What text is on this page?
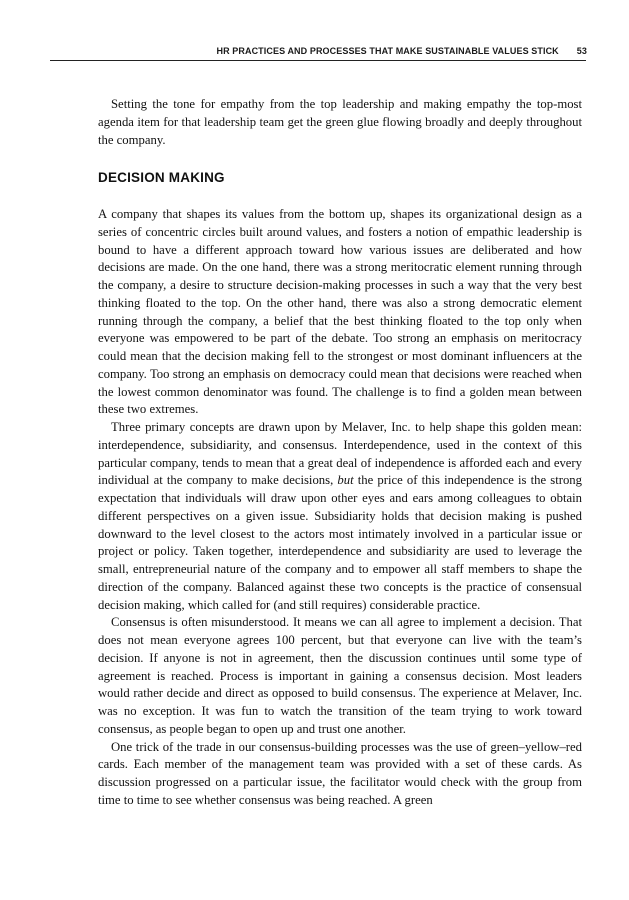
HR PRACTICES AND PROCESSES THAT MAKE SUSTAINABLE VALUES STICK 53

Setting the tone for empathy from the top leadership and making empathy the top-most agenda item for that leadership team get the green glue flowing broadly and deeply throughout the company.

DECISION MAKING

A company that shapes its values from the bottom up, shapes its organizational design as a series of concentric circles built around values, and fosters a notion of empathic leadership is bound to have a different approach toward how various issues are deliberated and how decisions are made. On the one hand, there was a strong meritocratic element running through the company, a desire to structure decision-making processes in such a way that the very best thinking floated to the top. On the other hand, there was also a strong democratic element running through the company, a belief that the best thinking floated to the top only when everyone was empowered to be part of the debate. Too strong an emphasis on meritocracy could mean that the decision making fell to the strongest or most dominant influencers at the company. Too strong an emphasis on democracy could mean that decisions were reached when the lowest common denominator was found. The challenge is to find a golden mean between these two extremes.

Three primary concepts are drawn upon by Melaver, Inc. to help shape this golden mean: interdependence, subsidiarity, and consensus. Interdependence, used in the context of this particular company, tends to mean that a great deal of independence is afforded each and every individual at the company to make decisions, but the price of this independence is the strong expectation that individuals will draw upon other eyes and ears among colleagues to obtain different perspectives on a given issue. Subsidiarity holds that decision making is pushed downward to the level closest to the actors most intimately involved in a particular issue or project or policy. Taken together, interdependence and subsidiarity are used to leverage the small, entrepreneurial nature of the company and to empower all staff members to shape the direction of the company. Balanced against these two concepts is the practice of consensual decision making, which called for (and still requires) considerable practice.

Consensus is often misunderstood. It means we can all agree to implement a decision. That does not mean everyone agrees 100 percent, but that everyone can live with the team’s decision. If anyone is not in agreement, then the discussion continues until some type of agreement is reached. Process is important in gaining a consensus decision. Most leaders would rather decide and direct as opposed to build consensus. The experience at Melaver, Inc. was no exception. It was fun to watch the transition of the team trying to work toward consensus, as people began to open up and trust one another.

One trick of the trade in our consensus-building processes was the use of green–yellow–red cards. Each member of the management team was provided with a set of these cards. As discussion progressed on a particular issue, the facilitator would check with the group from time to time to see whether consensus was being reached. A green
